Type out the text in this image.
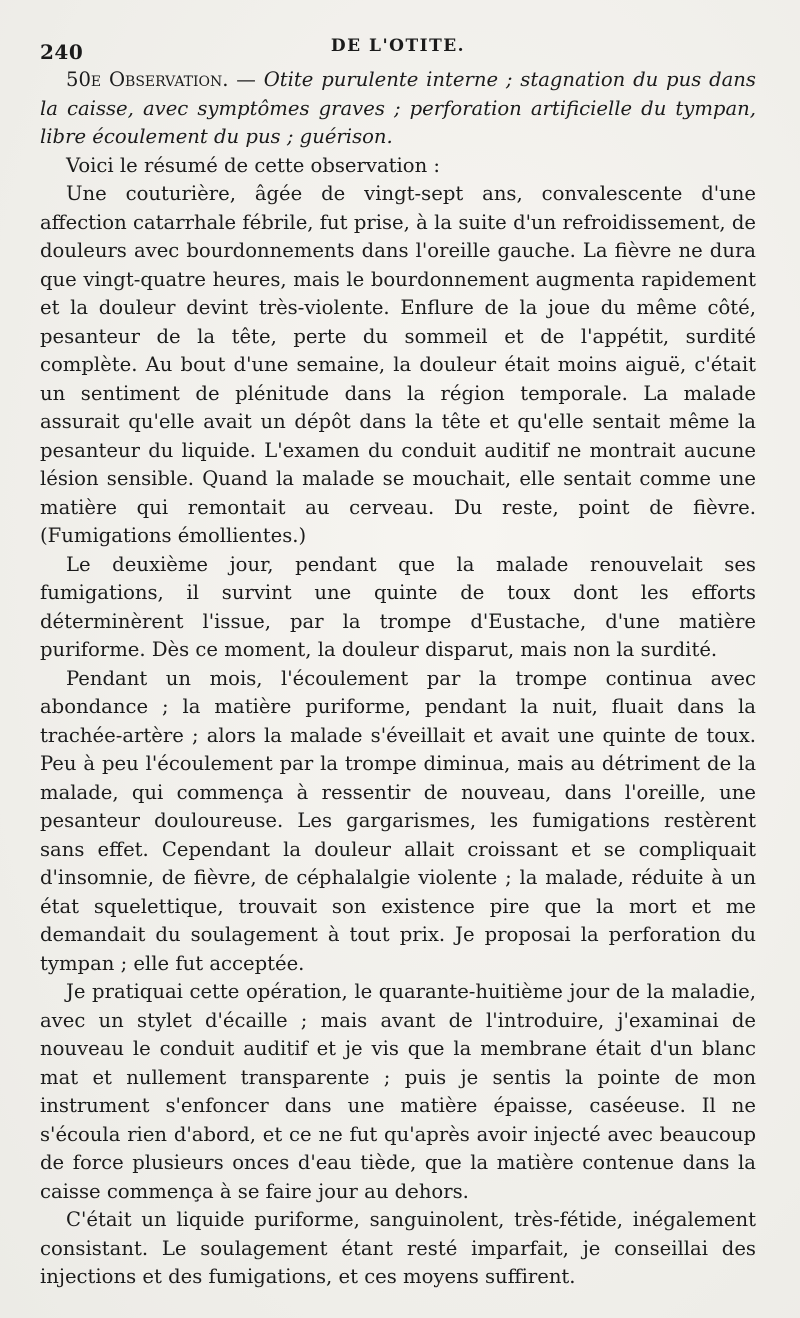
240	DE L'OTITE.

50e Observation. — Otite purulente interne ; stagnation du pus dans la caisse, avec symptômes graves ; perforation artificielle du tympan, libre écoulement du pus ; guérison.

Voici le résumé de cette observation :

Une couturière, âgée de vingt-sept ans, convalescente d'une affection catarrhale fébrile, fut prise, à la suite d'un refroidissement, de douleurs avec bourdonnements dans l'oreille gauche. La fièvre ne dura que vingt-quatre heures, mais le bourdonnement augmenta rapidement et la douleur devint très-violente. Enflure de la joue du même côté, pesanteur de la tête, perte du sommeil et de l'appétit, surdité complète. Au bout d'une semaine, la douleur était moins aiguë, c'était un sentiment de plénitude dans la région temporale. La malade assurait qu'elle avait un dépôt dans la tête et qu'elle sentait même la pesanteur du liquide. L'examen du conduit auditif ne montrait aucune lésion sensible. Quand la malade se mouchait, elle sentait comme une matière qui remontait au cerveau. Du reste, point de fièvre. (Fumigations émollientes.)

Le deuxième jour, pendant que la malade renouvelait ses fumigations, il survint une quinte de toux dont les efforts déterminèrent l'issue, par la trompe d'Eustache, d'une matière puriforme. Dès ce moment, la douleur disparut, mais non la surdité.

Pendant un mois, l'écoulement par la trompe continua avec abondance ; la matière puriforme, pendant la nuit, fluait dans la trachée-artère ; alors la malade s'éveillait et avait une quinte de toux. Peu à peu l'écoulement par la trompe diminua, mais au détriment de la malade, qui commença à ressentir de nouveau, dans l'oreille, une pesanteur douloureuse. Les gargarismes, les fumigations restèrent sans effet. Cependant la douleur allait croissant et se compliquait d'insomnie, de fièvre, de céphalalgie violente ; la malade, réduite à un état squelettique, trouvait son existence pire que la mort et me demandait du soulagement à tout prix. Je proposai la perforation du tympan ; elle fut acceptée.

Je pratiquai cette opération, le quarante-huitième jour de la maladie, avec un stylet d'écaille ; mais avant de l'introduire, j'examinai de nouveau le conduit auditif et je vis que la membrane était d'un blanc mat et nullement transparente ; puis je sentis la pointe de mon instrument s'enfoncer dans une matière épaisse, caséeuse. Il ne s'écoula rien d'abord, et ce ne fut qu'après avoir injecté avec beaucoup de force plusieurs onces d'eau tiède, que la matière contenue dans la caisse commença à se faire jour au dehors.

C'était un liquide puriforme, sanguinolent, très-fétide, inégalement consistant. Le soulagement étant resté imparfait, je conseillai des injections et des fumigations, et ces moyens suffirent.
